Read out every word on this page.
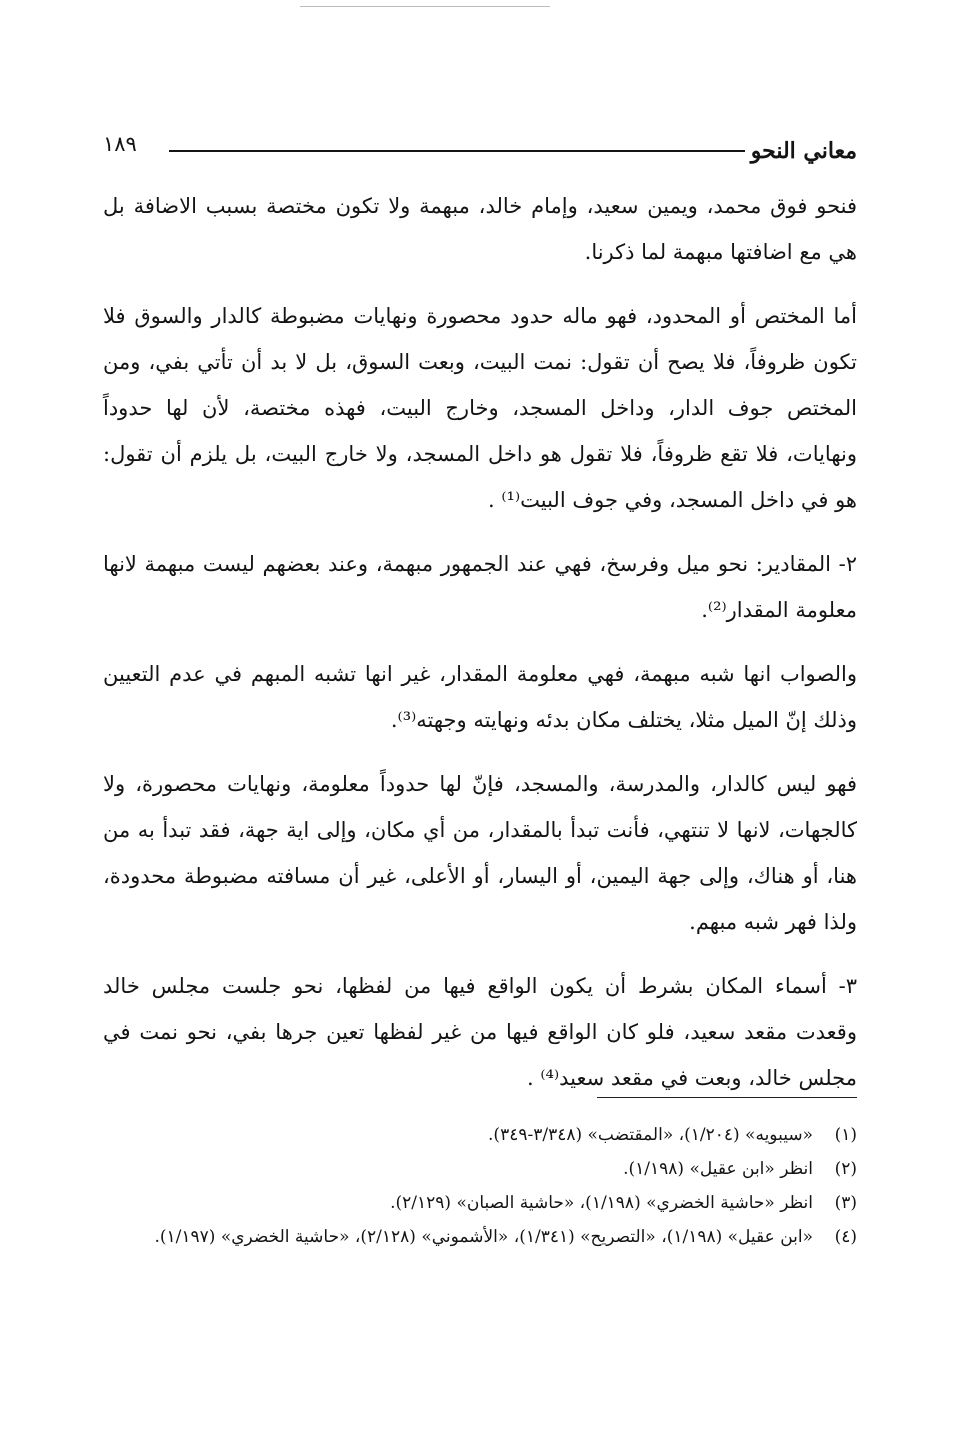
معاني النحو
١٨٩

فنحو فوق محمد، ويمين سعيد، وإمام خالد، مبهمة ولا تكون مختصة بسبب الاضافة بل هي مع اضافتها مبهمة لما ذكرنا.

أما المختص أو المحدود، فهو ماله حدود محصورة ونهايات مضبوطة كالدار والسوق فلا تكون ظروفاً، فلا يصح أن تقول: نمت البيت، وبعت السوق، بل لا بد أن تأتي بفي، ومن المختص جوف الدار، وداخل المسجد، وخارج البيت، فهذه مختصة، لأن لها حدوداً ونهايات، فلا تقع ظروفاً، فلا تقول هو داخل المسجد، ولا خارج البيت، بل يلزم أن تقول: هو في داخل المسجد، وفي جوف البيت⁽¹⁾ .

٢- المقادير: نحو ميل وفرسخ، فهي عند الجمهور مبهمة، وعند بعضهم ليست مبهمة لانها معلومة المقدار⁽²⁾.

والصواب انها شبه مبهمة، فهي معلومة المقدار، غير انها تشبه المبهم في عدم التعيين وذلك إنّ الميل مثلا، يختلف مكان بدئه ونهايته وجهته⁽³⁾.

فهو ليس كالدار، والمدرسة، والمسجد، فإنّ لها حدوداً معلومة، ونهايات محصورة، ولا كالجهات، لانها لا تنتهي، فأنت تبدأ بالمقدار، من أي مكان، وإلى اية جهة، فقد تبدأ به من هنا، أو هناك، وإلى جهة اليمين، أو اليسار، أو الأعلى، غير أن مسافته مضبوطة محدودة، ولذا فهر شبه مبهم.

٣- أسماء المكان بشرط أن يكون الواقع فيها من لفظها، نحو جلست مجلس خالد وقعدت مقعد سعيد، فلو كان الواقع فيها من غير لفظها تعين جرها بفي، نحو نمت في مجلس خالد، وبعت في مقعد سعيد⁽⁴⁾ .

(١)
«سيبويه» (١/٢٠٤)، «المقتضب» (٣/٣٤٨-٣٤٩).
(٢)
انظر «ابن عقيل» (١/١٩٨).
(٣)
انظر «حاشية الخضري» (١/١٩٨)، «حاشية الصبان» (٢/١٢٩).
(٤)
«ابن عقيل» (١/١٩٨)، «التصريح» (١/٣٤١)، «الأشموني» (٢/١٢٨)، «حاشية الخضري» (١/١٩٧).
